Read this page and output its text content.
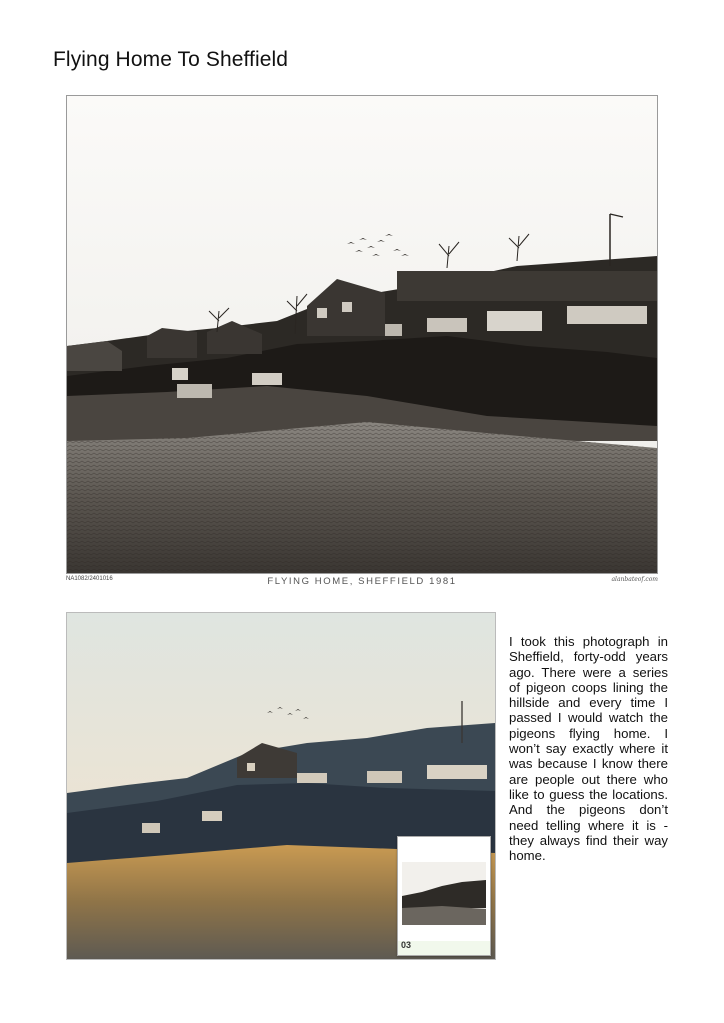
Flying Home To Sheffield
NA1082/2401016	FLYING HOME, SHEFFIELD 1981	alanbateof.com
03

I took this photograph in Sheffield, forty-odd years ago. There were a series of pigeon coops lining the hillside and every time I passed I would watch the pigeons flying home. I won’t say exactly where it was because I know there are people out there who like to guess the locations. And the pigeons don’t need telling where it is - they always find their way home.
